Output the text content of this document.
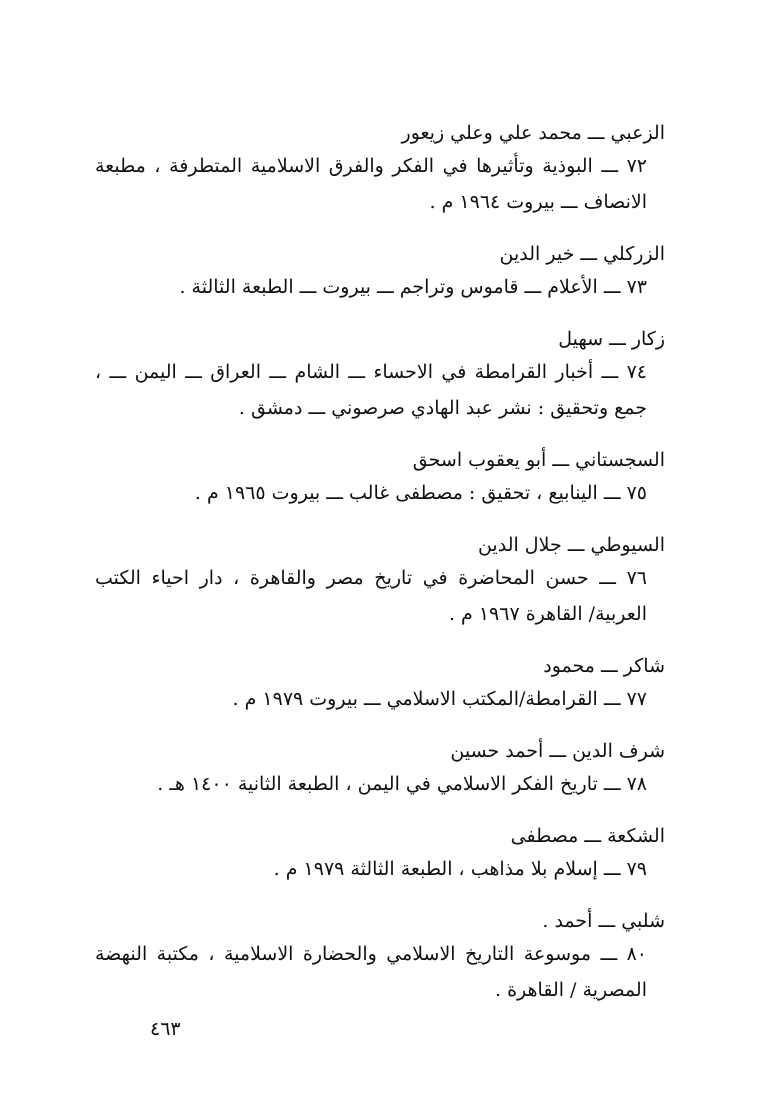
الزعبي ـــ محمد علي وعلي زيعور
٧٢ ـــ البوذية وتأثيرها في الفكر والفرق الاسلامية المتطرفة ، مطبعة الانصاف ـــ بيروت ١٩٦٤ م .
الزركلي ـــ خير الدين
٧٣ ـــ الأعلام ـــ قاموس وتراجم ـــ بيروت ـــ الطبعة الثالثة .
زكار ـــ سهيل
٧٤ ـــ أخبار القرامطة في الاحساء ـــ الشام ـــ العراق ـــ اليمن ـــ ، جمع وتحقيق : نشر عبد الهادي صرصوني ـــ دمشق .
السجستاني ـــ أبو يعقوب اسحق
٧٥ ـــ الينابيع ، تحقيق : مصطفى غالب ـــ بيروت ١٩٦٥ م .
السيوطي ـــ جلال الدين
٧٦ ـــ حسن المحاضرة في تاريخ مصر والقاهرة ، دار احياء الكتب العربية/ القاهرة ١٩٦٧ م .
شاكر ـــ محمود
٧٧ ـــ القرامطة/المكتب الاسلامي ـــ بيروت ١٩٧٩ م .
شرف الدين ـــ أحمد حسين
٧٨ ـــ تاريخ الفكر الاسلامي في اليمن ، الطبعة الثانية ١٤٠٠ هـ .
الشكعة ـــ مصطفى
٧٩ ـــ إسلام بلا مذاهب ، الطبعة الثالثة ١٩٧٩ م .
شلبي ـــ أحمد .
٨٠ ـــ موسوعة التاريخ الاسلامي والحضارة الاسلامية ، مكتبة النهضة المصرية / القاهرة .
٤٦٣
